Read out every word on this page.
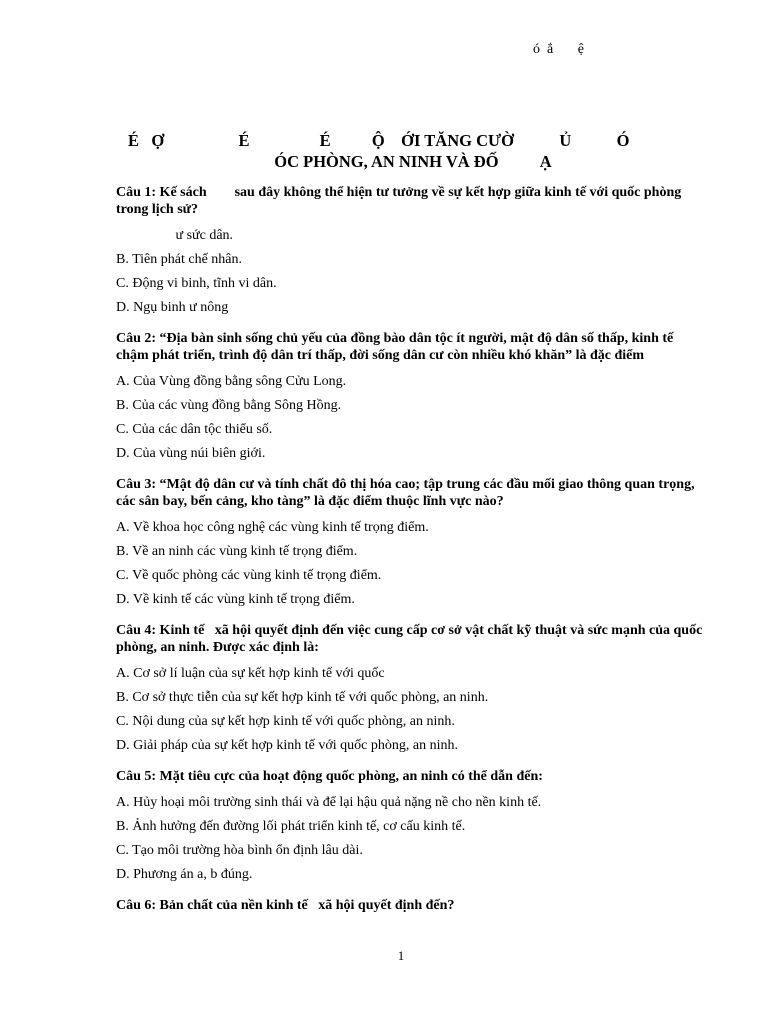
ó  ắ       ệ
É   Ợ                  É                 É          Ộ    ỚI TĂNG CƯỜ           Ủ           Ó
ÓC PHÒNG, AN NINH VÀ ĐỐ          Ạ
Câu 1: Kế sách        sau đây không thể hiện tư tưởng về sự kết hợp giữa kinh tế với quốc phòng trong lịch sử?
ư sức dân.
B. Tiên phát chế nhân.
C. Động vi binh, tĩnh vi dân.
D. Ngụ binh ư nông
Câu 2: “Địa bàn sinh sống chủ yếu của đồng bào dân tộc ít người, mật độ dân số thấp, kinh tế chậm phát triển, trình độ dân trí thấp, đời sống dân cư còn nhiều khó khăn” là đặc điểm
A. Của Vùng đồng bằng sông Cửu Long.
B. Của các vùng đồng bằng Sông Hồng.
C. Của các dân tộc thiểu số.
D. Của vùng núi biên giới.
Câu 3: “Mật độ dân cư và tính chất đô thị hóa cao; tập trung các đầu mối giao thông quan trọng, các sân bay, bến cảng, kho tàng” là đặc điểm thuộc lĩnh vực nào?
A. Về khoa học công nghệ các vùng kinh tế trọng điểm.
B. Về an ninh các vùng kinh tế trọng điểm.
C. Về quốc phòng các vùng kinh tế trọng điểm.
D. Về kinh tế các vùng kinh tế trọng điểm.
Câu 4: Kinh tế   xã hội quyết định đến việc cung cấp cơ sở vật chất kỹ thuật và sức mạnh của quốc phòng, an ninh. Được xác định là:
A. Cơ sở lí luận của sự kết hợp kinh tế với quốc
B. Cơ sở thực tiễn của sự kết hợp kinh tế với quốc phòng, an ninh.
C. Nội dung của sự kết hợp kinh tế với quốc phòng, an ninh.
D. Giải pháp của sự kết hợp kinh tế với quốc phòng, an ninh.
Câu 5: Mặt tiêu cực của hoạt động quốc phòng, an ninh có thể dẫn đến:
A. Hủy hoại môi trường sinh thái và để lại hậu quả nặng nề cho nền kinh tế.
B. Ảnh hưởng đến đường lối phát triển kinh tế, cơ cấu kinh tế.
C. Tạo môi trường hòa bình ổn định lâu dài.
D. Phương án a, b đúng.
Câu 6: Bản chất của nền kinh tế   xã hội quyết định đến?
1
